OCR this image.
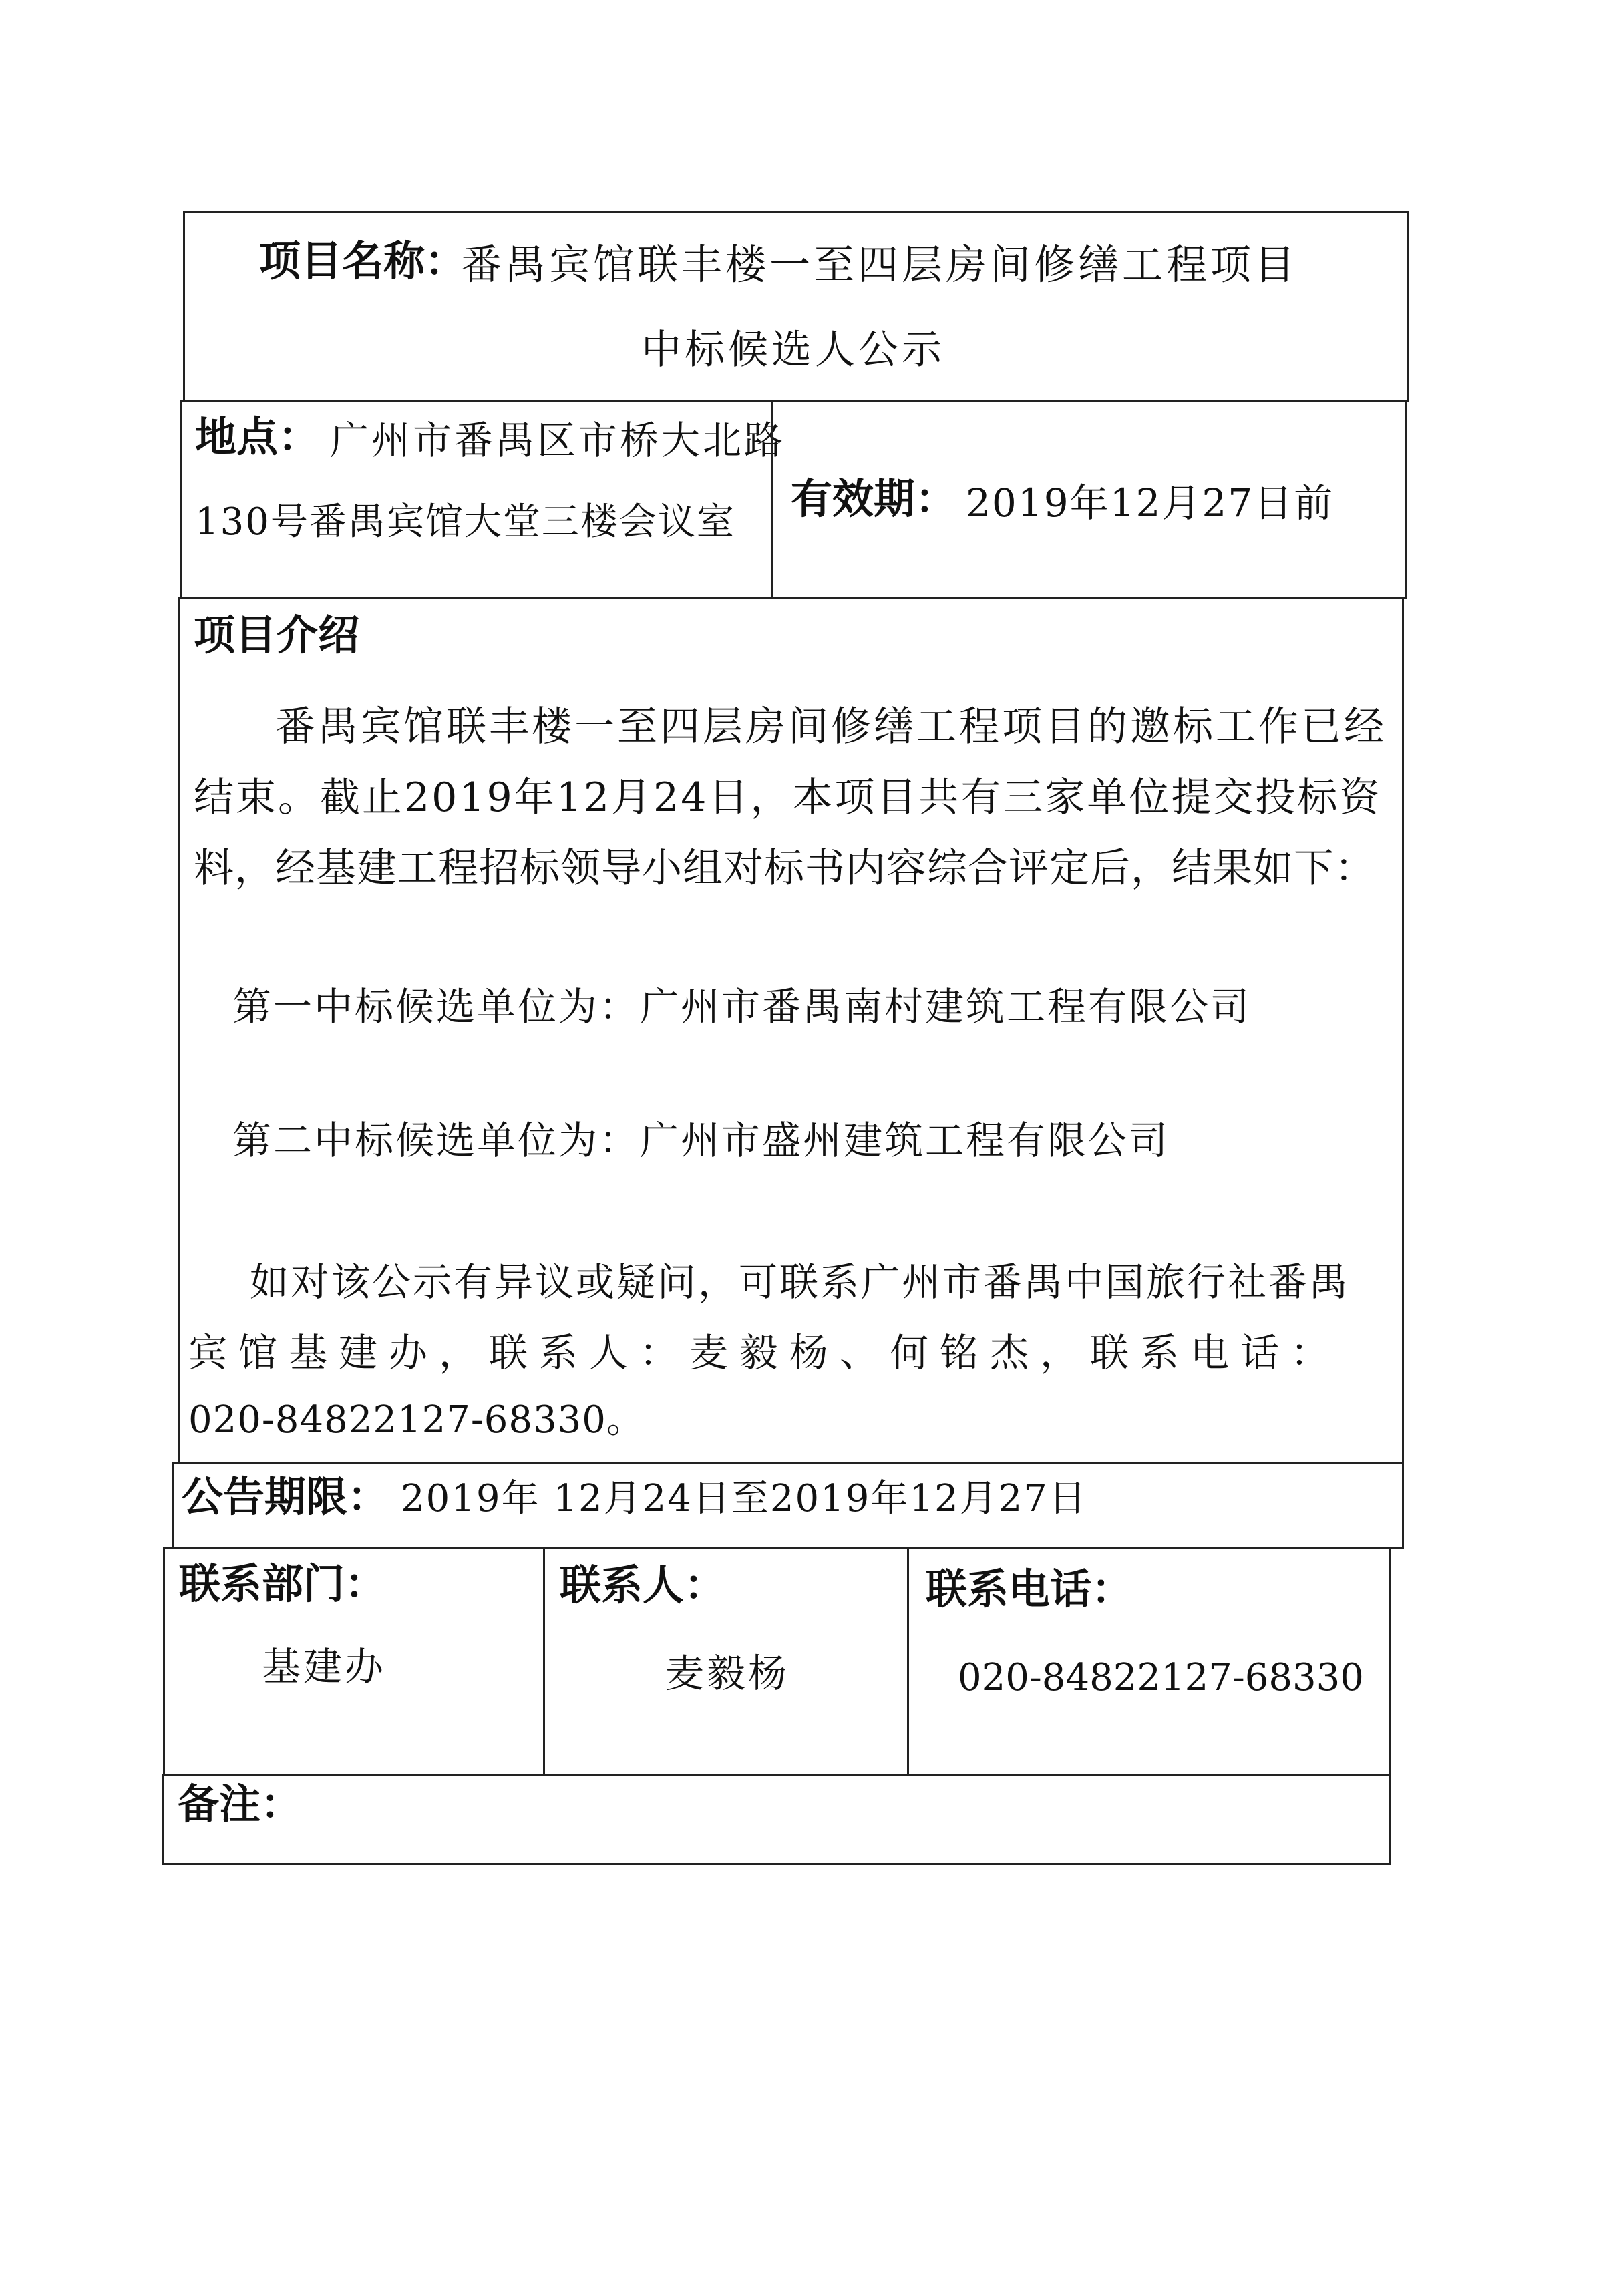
项目名称：
番禺宾馆联丰楼一至四层房间修缮工程项目
中标候选人公示
地点： 广州市番禺区市桥大北路
130号番禺宾馆大堂三楼会议室 有效期： 2019年12月27日前
项目介绍
番禺宾馆联丰楼一至四层房间修缮工程项目的邀标工作已经
结束。截止2019年12月24日，本项目共有三家单位提交投标资
料，经基建工程招标领导小组对标书内容综合评定后，结果如下：
第一中标候选单位为：广州市番禺南村建筑工程有限公司
第二中标候选单位为：广州市盛州建筑工程有限公司
如对该公示有异议或疑问，可联系广州市番禺中国旅行社番禺
宾馆基建办，联系人：麦毅杨、何铭杰，联系电话：
020-84822127-68330。
公告期限： 2019年 12月24日至2019年12月27日
联系部门：
基建办
联系人：
麦毅杨
联系电话：
020-84822127-68330
备注：
